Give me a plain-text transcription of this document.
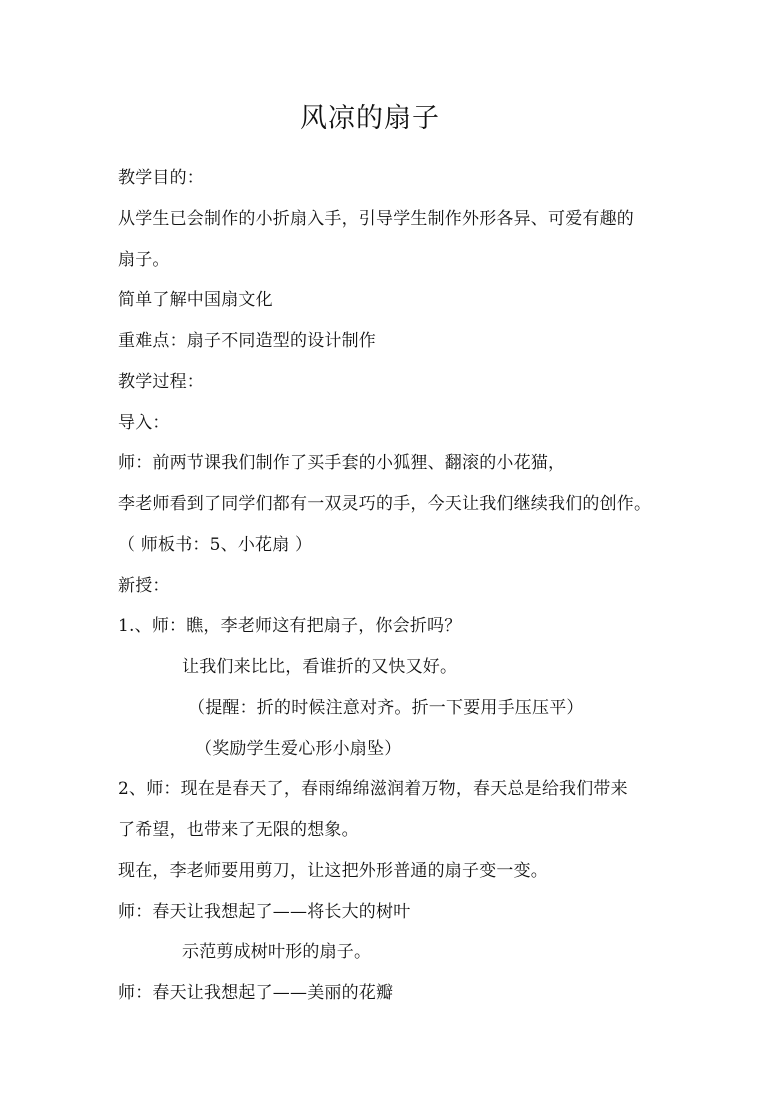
风凉的扇子
教学目的：
从学生已会制作的小折扇入手，引导学生制作外形各异、可爱有趣的
扇子。
简单了解中国扇文化
重难点：扇子不同造型的设计制作
教学过程：
导入：
师：前两节课我们制作了买手套的小狐狸、翻滚的小花猫，
李老师看到了同学们都有一双灵巧的手，今天让我们继续我们的创作。
（ 师板书：5、小花扇 ）
新授：
1.、师：瞧，李老师这有把扇子，你会折吗？
让我们来比比，看谁折的又快又好。
（提醒：折的时候注意对齐。折一下要用手压压平）
（奖励学生爱心形小扇坠）
2、师：现在是春天了，春雨绵绵滋润着万物，春天总是给我们带来
了希望，也带来了无限的想象。
现在，李老师要用剪刀，让这把外形普通的扇子变一变。
师：春天让我想起了——将长大的树叶
示范剪成树叶形的扇子。
师：春天让我想起了——美丽的花瓣
